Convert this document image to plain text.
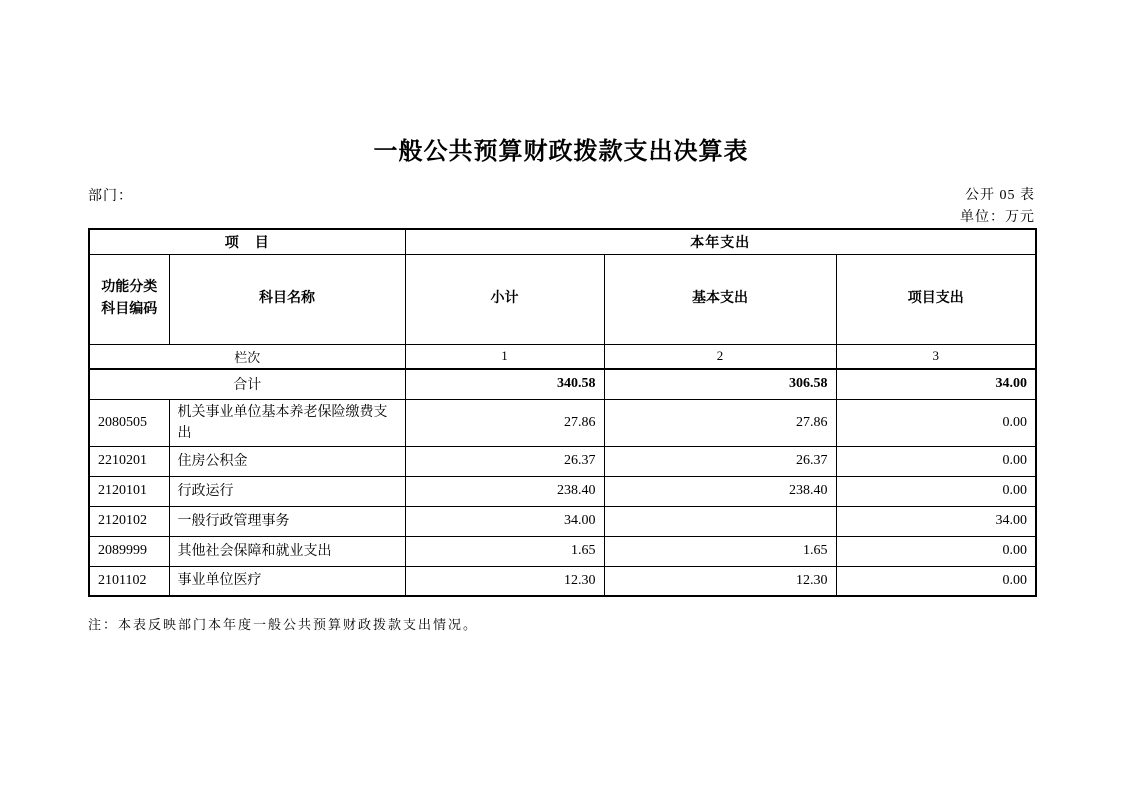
一般公共预算财政拨款支出决算表
部门：	公开 05 表
单位：万元
项　目		本年支出		
功能分类
科目编码	科目名称	小计	基本支出	项目支出
栏次		1	2	3
合计		340.58	306.58	34.00
2080505	机关事业单位基本养老保险缴费支出	27.86	27.86	0.00
2210201	住房公积金	26.37	26.37	0.00
2120101	行政运行	238.40	238.40	0.00
2120102	一般行政管理事务	34.00		34.00
2089999	其他社会保障和就业支出	1.65	1.65	0.00
2101102	事业单位医疗	12.30	12.30	0.00
注：本表反映部门本年度一般公共预算财政拨款支出情况。
